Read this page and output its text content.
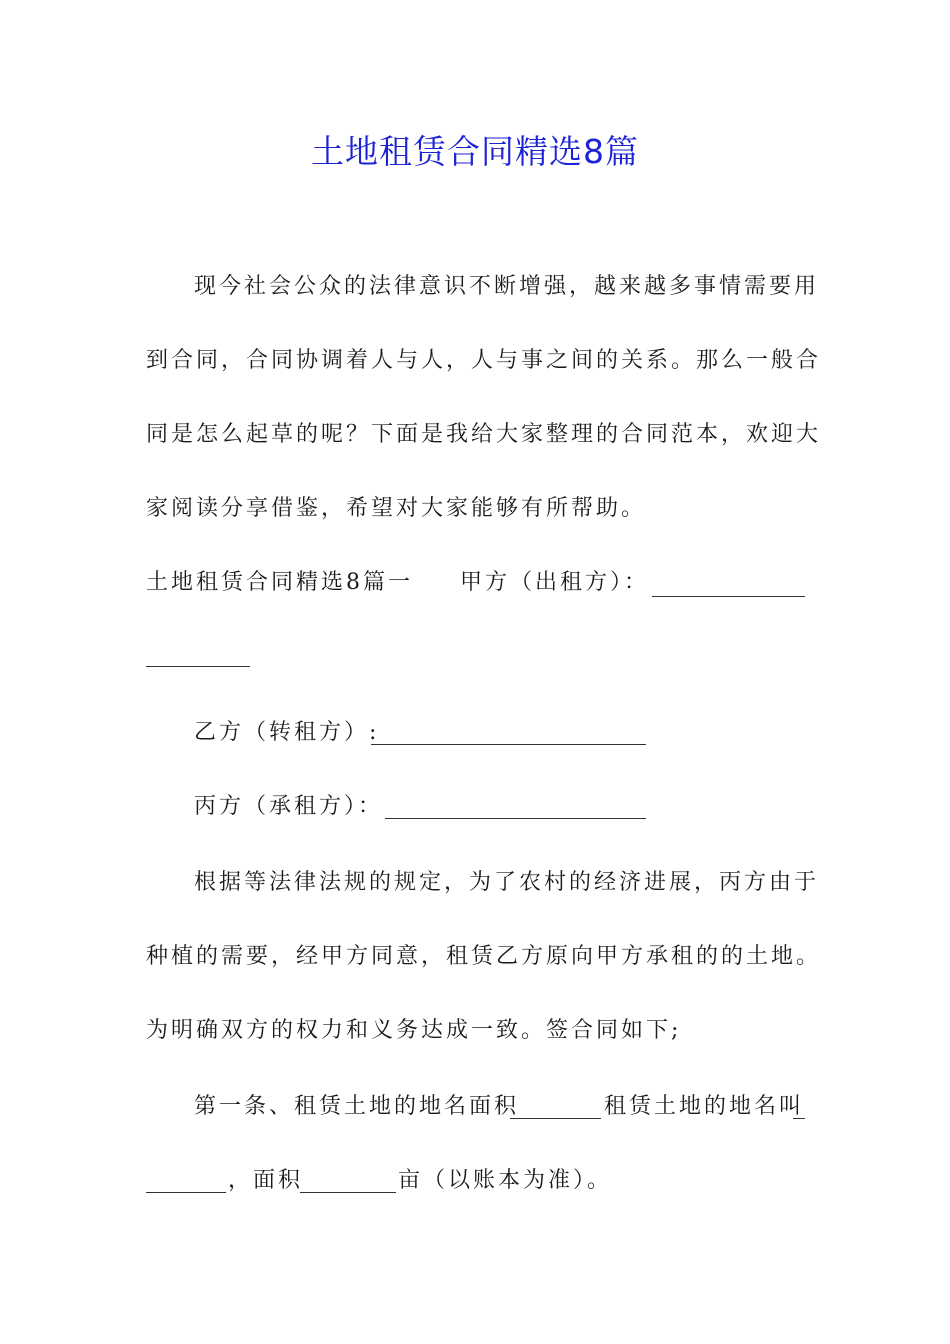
土地租赁合同精选8篇
现今社会公众的法律意识不断增强，越来越多事情需要用
到合同，合同协调着人与人，人与事之间的关系。那么一般合
同是怎么起草的呢？下面是我给大家整理的合同范本，欢迎大
家阅读分享借鉴，希望对大家能够有所帮助。
土地租赁合同精选8篇一 甲方（出租方）：
乙方（转租方）:
丙方（承租方）：
根据等法律法规的规定，为了农村的经济进展，丙方由于
种植的需要，经甲方同意，租赁乙方原向甲方承租的的土地。
为明确双方的权力和义务达成一致。签合同如下;
第一条、租赁土地的地名面积	租赁土地的地名叫
，面积	亩（以账本为准）。
